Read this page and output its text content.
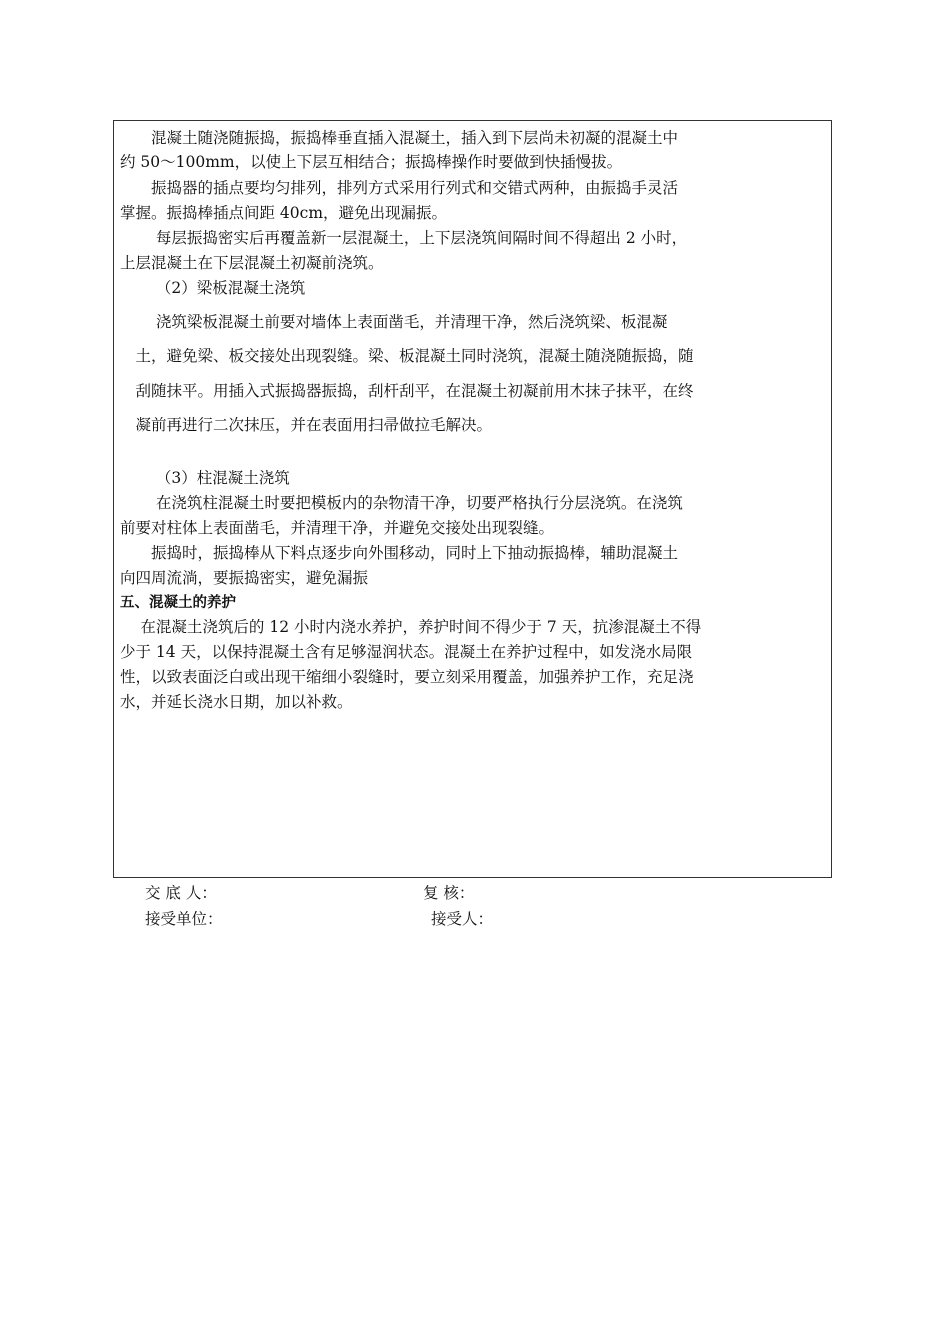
　　混凝土随浇随振捣，振捣棒垂直插入混凝土，插入到下层尚未初凝的混凝土中
约 50～100mm，以使上下层互相结合；振捣棒操作时要做到快插慢拔。
　　振捣器的插点要均匀排列，排列方式采用行列式和交错式两种，由振捣手灵活
掌握。振捣棒插点间距 40cm，避免出现漏振。
　　 每层振捣密实后再覆盖新一层混凝土，上下层浇筑间隔时间不得超出 2 小时，
上层混凝土在下层混凝土初凝前浇筑。
　　 （2）梁板混凝土浇筑
　　 浇筑梁板混凝土前要对墙体上表面凿毛，并清理干净，然后浇筑梁、板混凝
　土，避免梁、板交接处出现裂缝。梁、板混凝土同时浇筑，混凝土随浇随振捣，随
　刮随抹平。用插入式振捣器振捣，刮杆刮平，在混凝土初凝前用木抹子抹平，在终
　凝前再进行二次抹压，并在表面用扫帚做拉毛解决。
　　 （3）柱混凝土浇筑
　　 在浇筑柱混凝土时要把模板内的杂物清干净，切要严格执行分层浇筑。在浇筑
前要对柱体上表面凿毛，并清理干净，并避免交接处出现裂缝。
　　振捣时，振捣棒从下料点逐步向外围移动，同时上下抽动振捣棒，辅助混凝土
向四周流淌，要振捣密实，避免漏振
五、混凝土的养护
　 在混凝土浇筑后的 12 小时内浇水养护，养护时间不得少于 7 天，抗渗混凝土不得
少于 14 天，以保持混凝土含有足够湿润状态。混凝土在养护过程中，如发浇水局限
性，以致表面泛白或出现干缩细小裂缝时，要立刻采用覆盖，加强养护工作，充足浇
水，并延长浇水日期，加以补救。
交 底 人：	复 核：
接受单位：	接受人：
